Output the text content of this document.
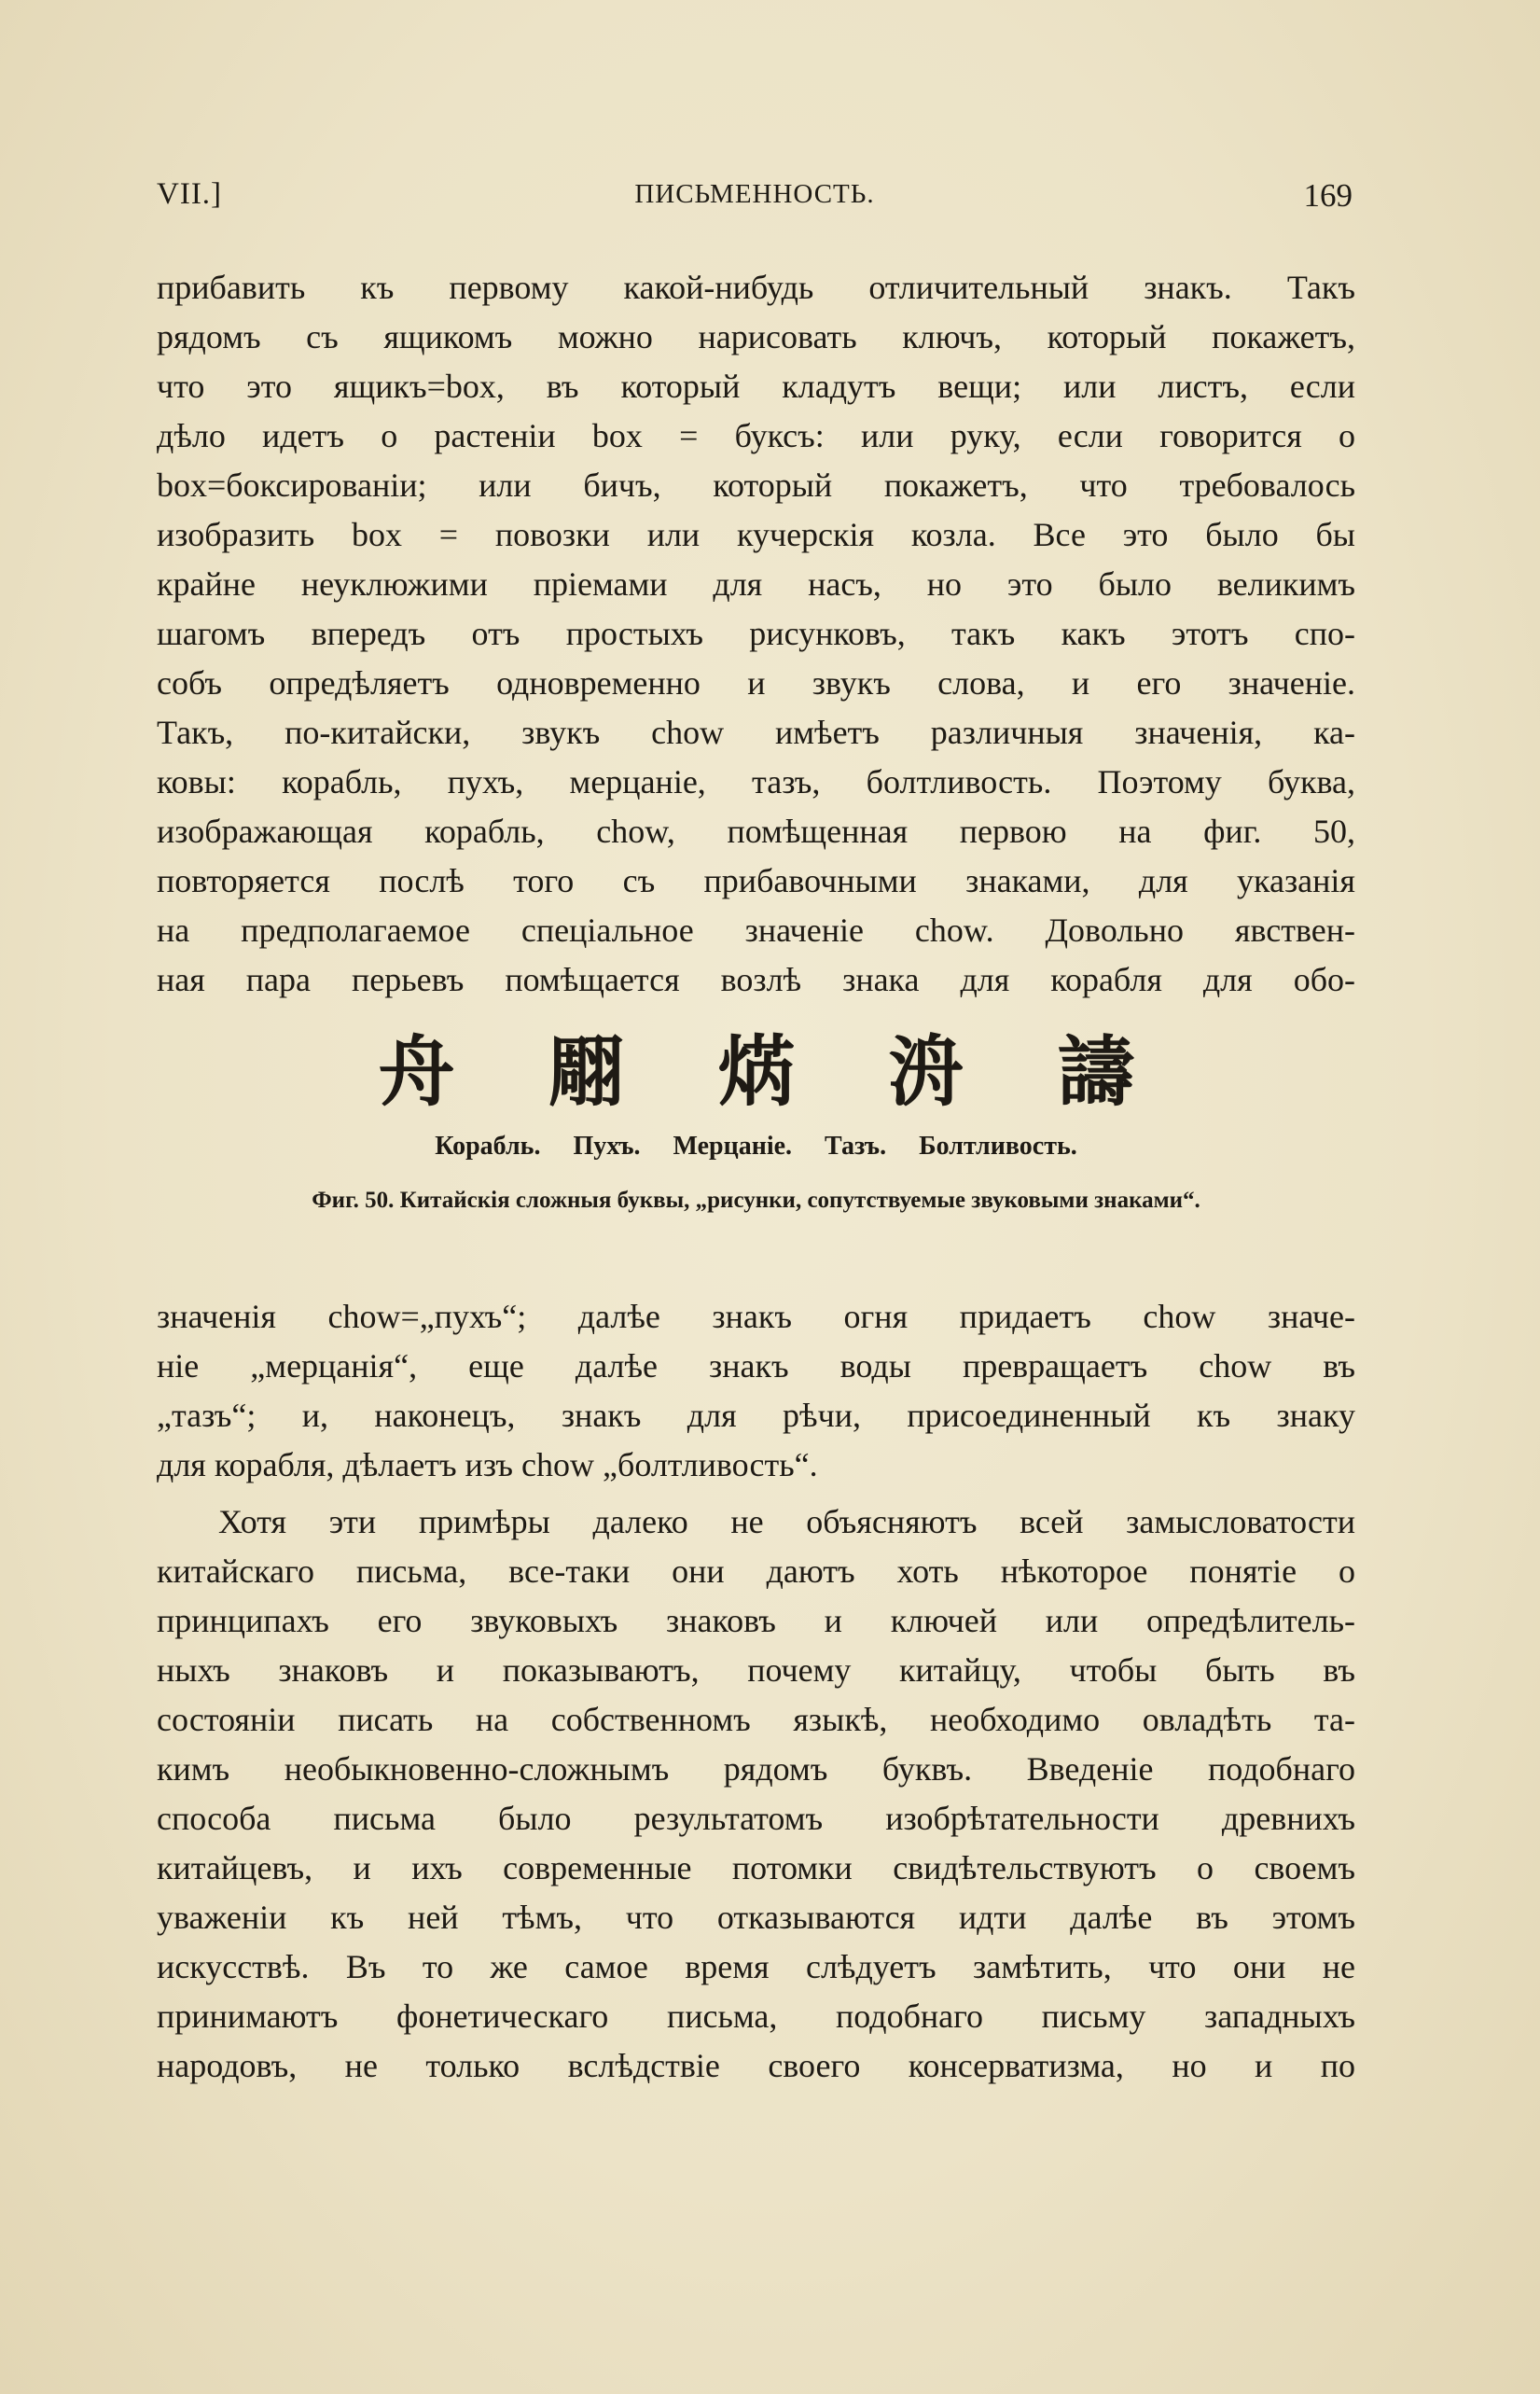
VII.]	ПИСЬМЕННОСТЬ.	169
прибавить къ первому какой-нибудь отличительный знакъ. Такъ
рядомъ съ ящикомъ можно нарисовать ключъ, который покажетъ,
что это ящикъ=box, въ который кладутъ вещи; или листъ, если
дѣло идетъ о растеніи box = буксъ: или руку, если говорится о
box=боксированіи; или бичъ, который покажетъ, что требовалось
изобразить box = повозки или кучерскія козла. Все это было бы
крайне неуклюжими пріемами для насъ, но это было великимъ
шагомъ впередъ отъ простыхъ рисунковъ, такъ какъ этотъ спо-
собъ опредѣляетъ одновременно и звукъ слова, и его значеніе.
Такъ, по-китайски, звукъ chow имѣетъ различныя значенія, ка-
ковы: корабль, пухъ, мерцаніе, тазъ, болтливость. Поэтому буква,
изображающая корабль, chow, помѣщенная первою на фиг. 50,
повторяется послѣ того съ прибавочными знаками, для указанія
на предполагаемое спеціальное значеніе chow. Довольно явствен-
ная пара перьевъ помѣщается возлѣ знака для корабля для обо-
舟 翢 焫 洀 譸
Корабль. Пухъ. Мерцаніе. Тазъ. Болтливость.
Фиг. 50. Китайскія сложныя буквы, „рисунки, сопутствуемые звуковыми знаками“.
значенія chow=„пухъ“; далѣе знакъ огня придаетъ chow значе-
ніе „мерцанія“, еще далѣе знакъ воды превращаетъ chow въ
„тазъ“; и, наконецъ, знакъ для рѣчи, присоединенный къ знаку
для корабля, дѣлаетъ изъ chow „болтливость“.
Хотя эти примѣры далеко не объясняютъ всей замысловатости
китайскаго письма, все-таки они даютъ хоть нѣкоторое понятіе о
принципахъ его звуковыхъ знаковъ и ключей или опредѣлитель-
ныхъ знаковъ и показываютъ, почему китайцу, чтобы быть въ
состояніи писать на собственномъ языкѣ, необходимо овладѣть та-
кимъ необыкновенно-сложнымъ рядомъ буквъ. Введеніе подобнаго
способа письма было результатомъ изобрѣтательности древнихъ
китайцевъ, и ихъ современные потомки свидѣтельствуютъ о своемъ
уваженіи къ ней тѣмъ, что отказываются идти далѣе въ этомъ
искусствѣ. Въ то же самое время слѣдуетъ замѣтить, что они не
принимаютъ фонетическаго письма, подобнаго письму западныхъ
народовъ, не только вслѣдствіе своего консерватизма, но и по
